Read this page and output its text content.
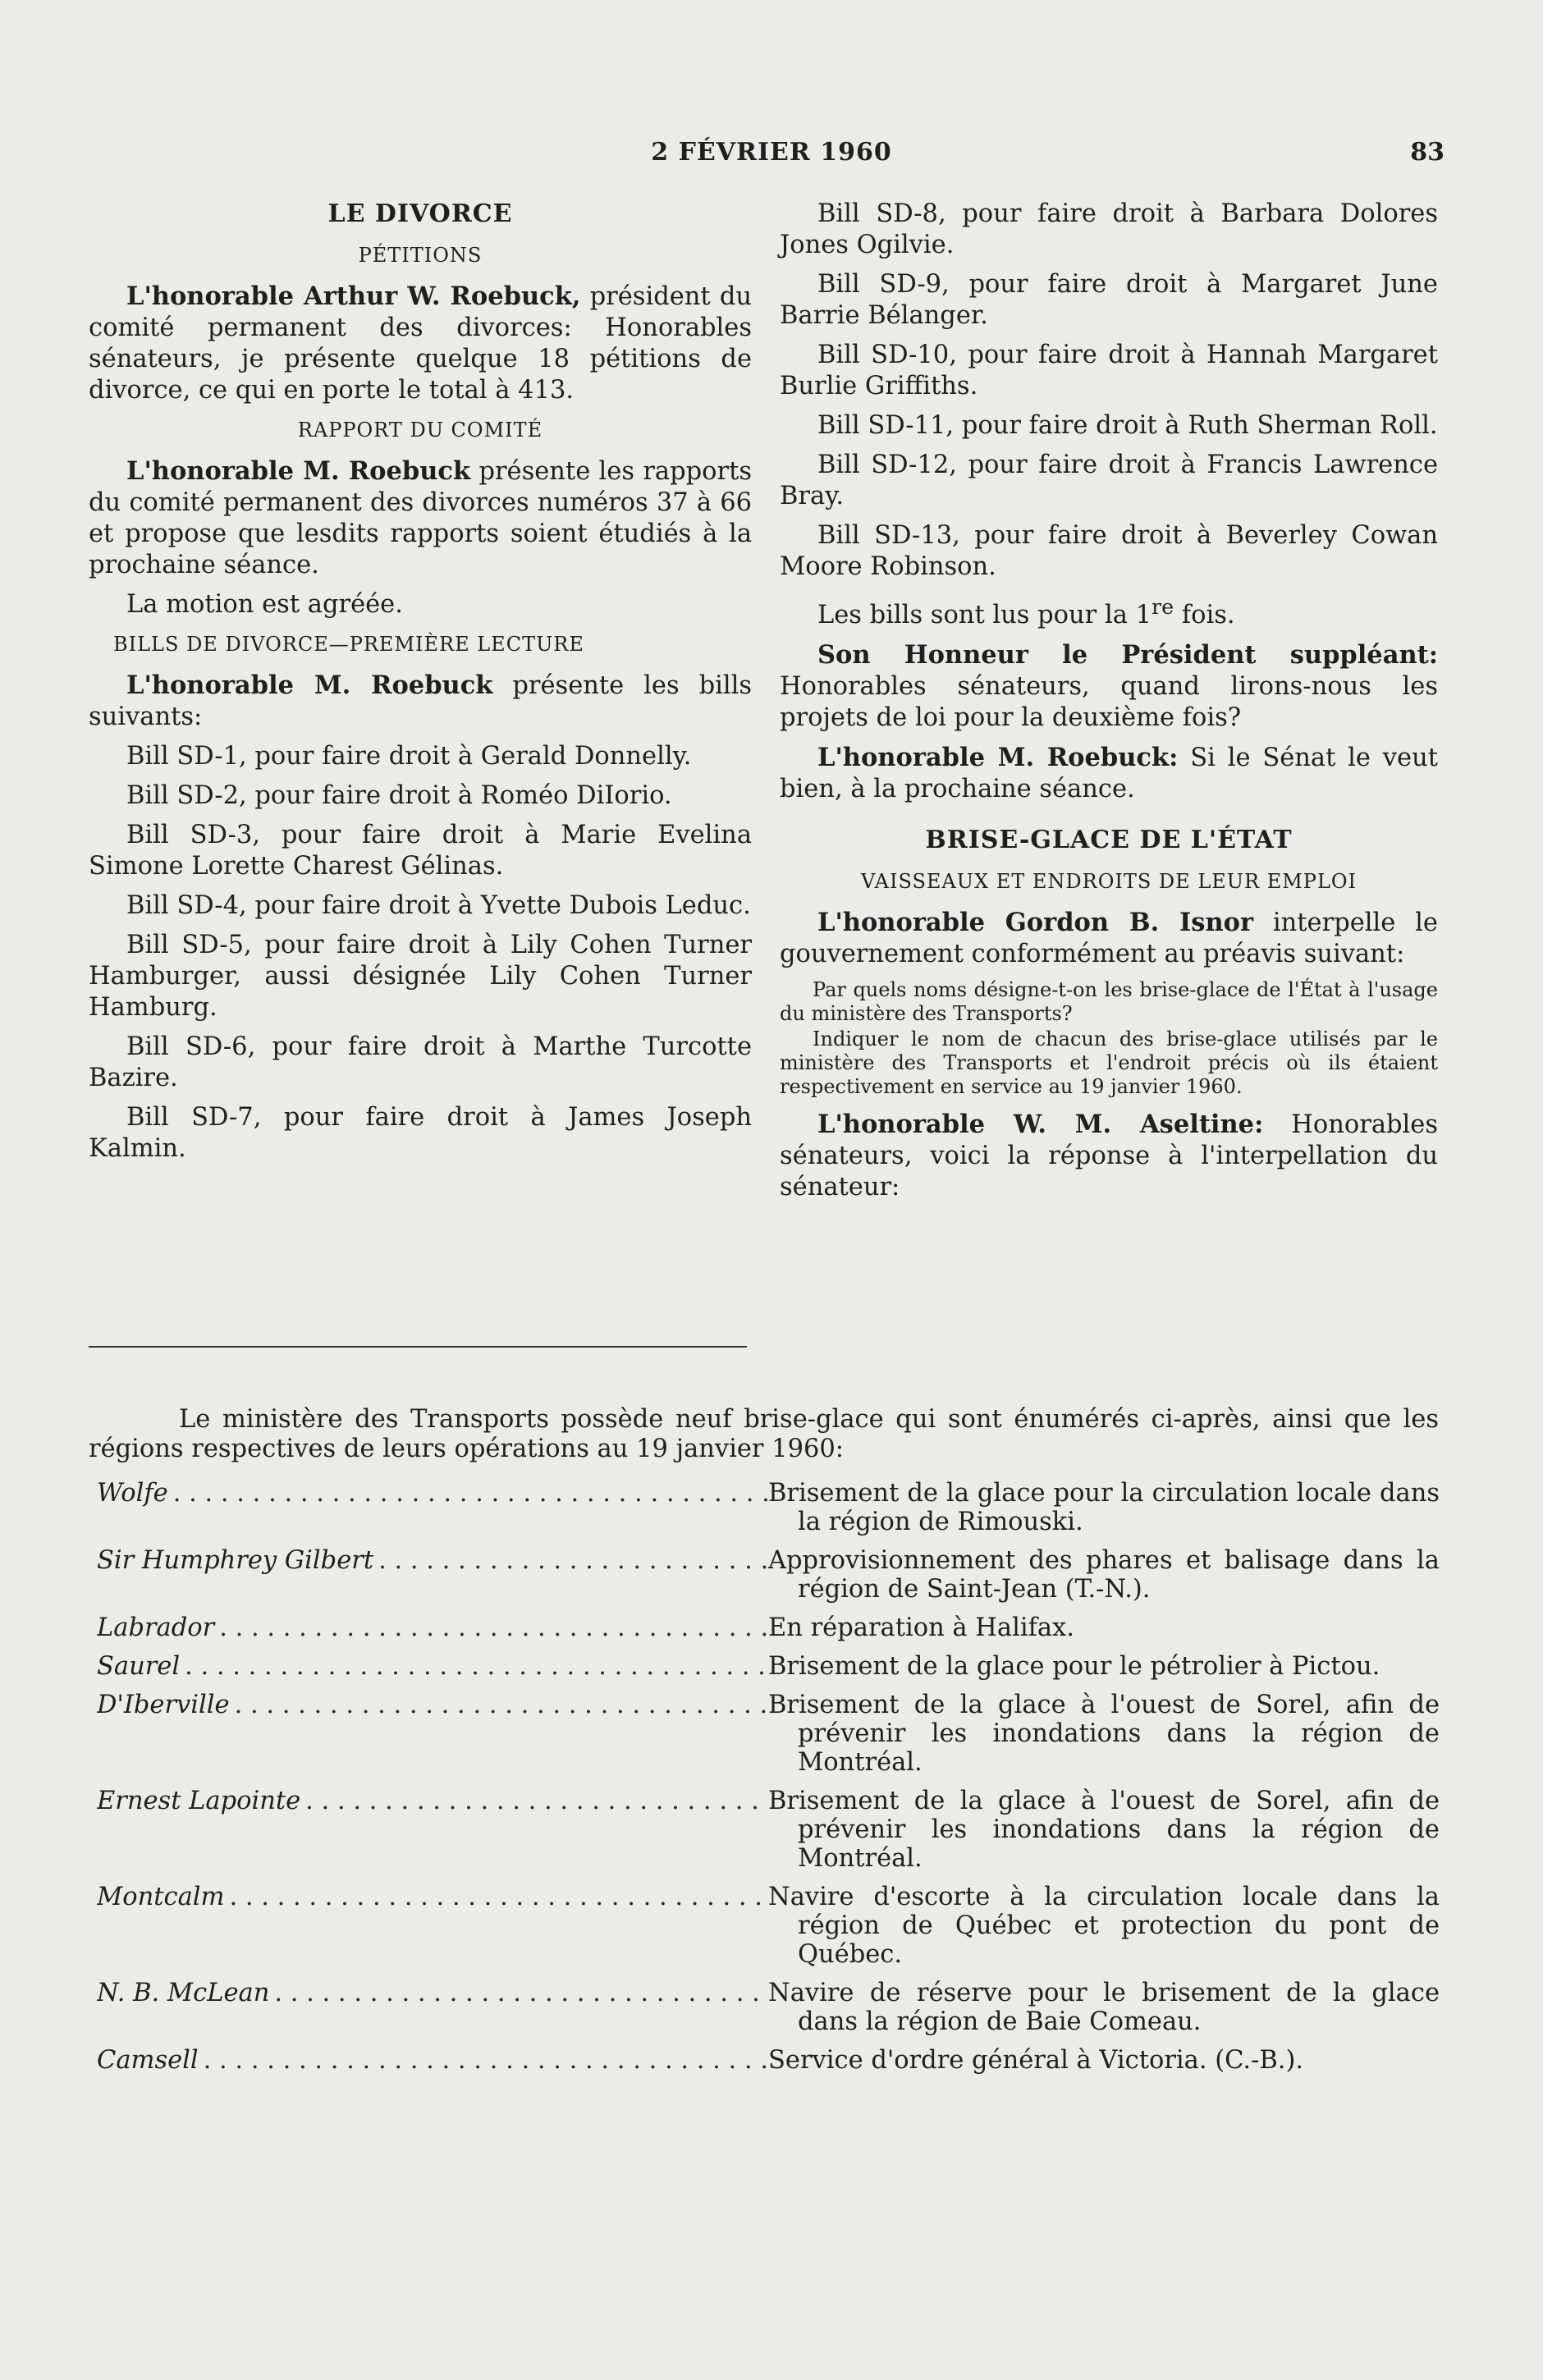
2 FÉVRIER 1960	83
LE DIVORCE
PÉTITIONS

L'honorable Arthur W. Roebuck, président du comité permanent des divorces: Honorables sénateurs, je présente quelque 18 pétitions de divorce, ce qui en porte le total à 413.

RAPPORT DU COMITÉ

L'honorable M. Roebuck présente les rapports du comité permanent des divorces numéros 37 à 66 et propose que lesdits rapports soient étudiés à la prochaine séance.

La motion est agréée.

BILLS DE DIVORCE—PREMIÈRE LECTURE

L'honorable M. Roebuck présente les bills suivants:

Bill SD-1, pour faire droit à Gerald Donnelly.
Bill SD-2, pour faire droit à Roméo DiIorio.
Bill SD-3, pour faire droit à Marie Evelina Simone Lorette Charest Gélinas.
Bill SD-4, pour faire droit à Yvette Dubois Leduc.
Bill SD-5, pour faire droit à Lily Cohen Turner Hamburger, aussi désignée Lily Cohen Turner Hamburg.
Bill SD-6, pour faire droit à Marthe Turcotte Bazire.
Bill SD-7, pour faire droit à James Joseph Kalmin.
Bill SD-8, pour faire droit à Barbara Dolores Jones Ogilvie.
Bill SD-9, pour faire droit à Margaret June Barrie Bélanger.
Bill SD-10, pour faire droit à Hannah Margaret Burlie Griffiths.
Bill SD-11, pour faire droit à Ruth Sherman Roll.
Bill SD-12, pour faire droit à Francis Lawrence Bray.
Bill SD-13, pour faire droit à Beverley Cowan Moore Robinson.

Les bills sont lus pour la 1re fois.

Son Honneur le Président suppléant: Honorables sénateurs, quand lirons-nous les projets de loi pour la deuxième fois?

L'honorable M. Roebuck: Si le Sénat le veut bien, à la prochaine séance.

BRISE-GLACE DE L'ÉTAT
VAISSEAUX ET ENDROITS DE LEUR EMPLOI

L'honorable Gordon B. Isnor interpelle le gouvernement conformément au préavis suivant:

Par quels noms désigne-t-on les brise-glace de l'État à l'usage du ministère des Transports?
Indiquer le nom de chacun des brise-glace utilisés par le ministère des Transports et l'endroit précis où ils étaient respectivement en service au 19 janvier 1960.

L'honorable W. M. Aseltine: Honorables sénateurs, voici la réponse à l'interpellation du sénateur:

Le ministère des Transports possède neuf brise-glace qui sont énumérés ci-après, ainsi que les régions respectives de leurs opérations au 19 janvier 1960:
Wolfe . . .	Brisement de la glace pour la circulation locale dans la région de Rimouski.
Sir Humphrey Gilbert . . .	Approvisionnement des phares et balisage dans la région de Saint-Jean (T.-N.).
Labrador . . .	En réparation à Halifax.
Saurel . . .	Brisement de la glace pour le pétrolier à Pictou.
D'Iberville . . .	Brisement de la glace à l'ouest de Sorel, afin de prévenir les inondations dans la région de Montréal.
Ernest Lapointe . . .	Brisement de la glace à l'ouest de Sorel, afin de prévenir les inondations dans la région de Montréal.
Montcalm . . .	Navire d'escorte à la circulation locale dans la région de Québec et protection du pont de Québec.
N. B. McLean . . .	Navire de réserve pour le brisement de la glace dans la région de Baie Comeau.
Camsell . . .	Service d'ordre général à Victoria. (C.-B.).
